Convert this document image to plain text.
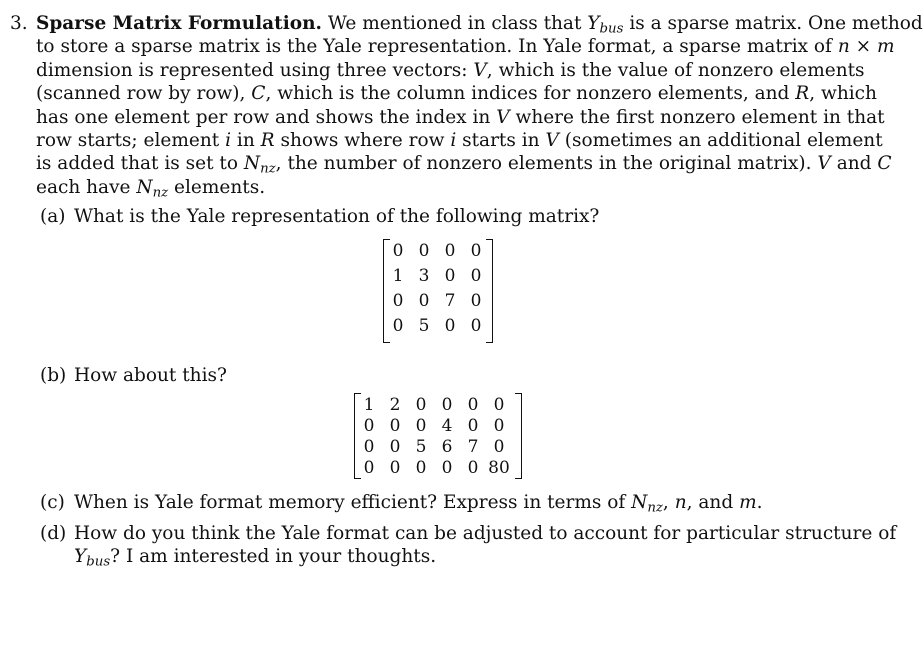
3. Sparse Matrix Formulation. We mentioned in class that $Y_{bus}$ is a sparse matrix. One method
to store a sparse matrix is the Yale representation. In Yale format, a sparse matrix of n × m
dimension is represented using three vectors: V, which is the value of nonzero elements
(scanned row by row), C, which is the column indices for nonzero elements, and R, which
has one element per row and shows the index in V where the first nonzero element in that
row starts; element i in R shows where row i starts in V (sometimes an additional element
is added that is set to $N_{nz}$, the number of nonzero elements in the original matrix). V and C
each have $N_{nz}$ elements.
(a) What is the Yale representation of the following matrix?
0 0 0 0
1 3 0 0
0 0 7 0
0 5 0 0
(b) How about this?
1 2 0 0 0 0
0 0 0 4 0 0
0 0 5 6 7 0
0 0 0 0 0 80
(c) When is Yale format memory efficient? Express in terms of $N_{nz}$, n, and m.
(d) How do you think the Yale format can be adjusted to account for particular structure of
$Y_{bus}$? I am interested in your thoughts.
